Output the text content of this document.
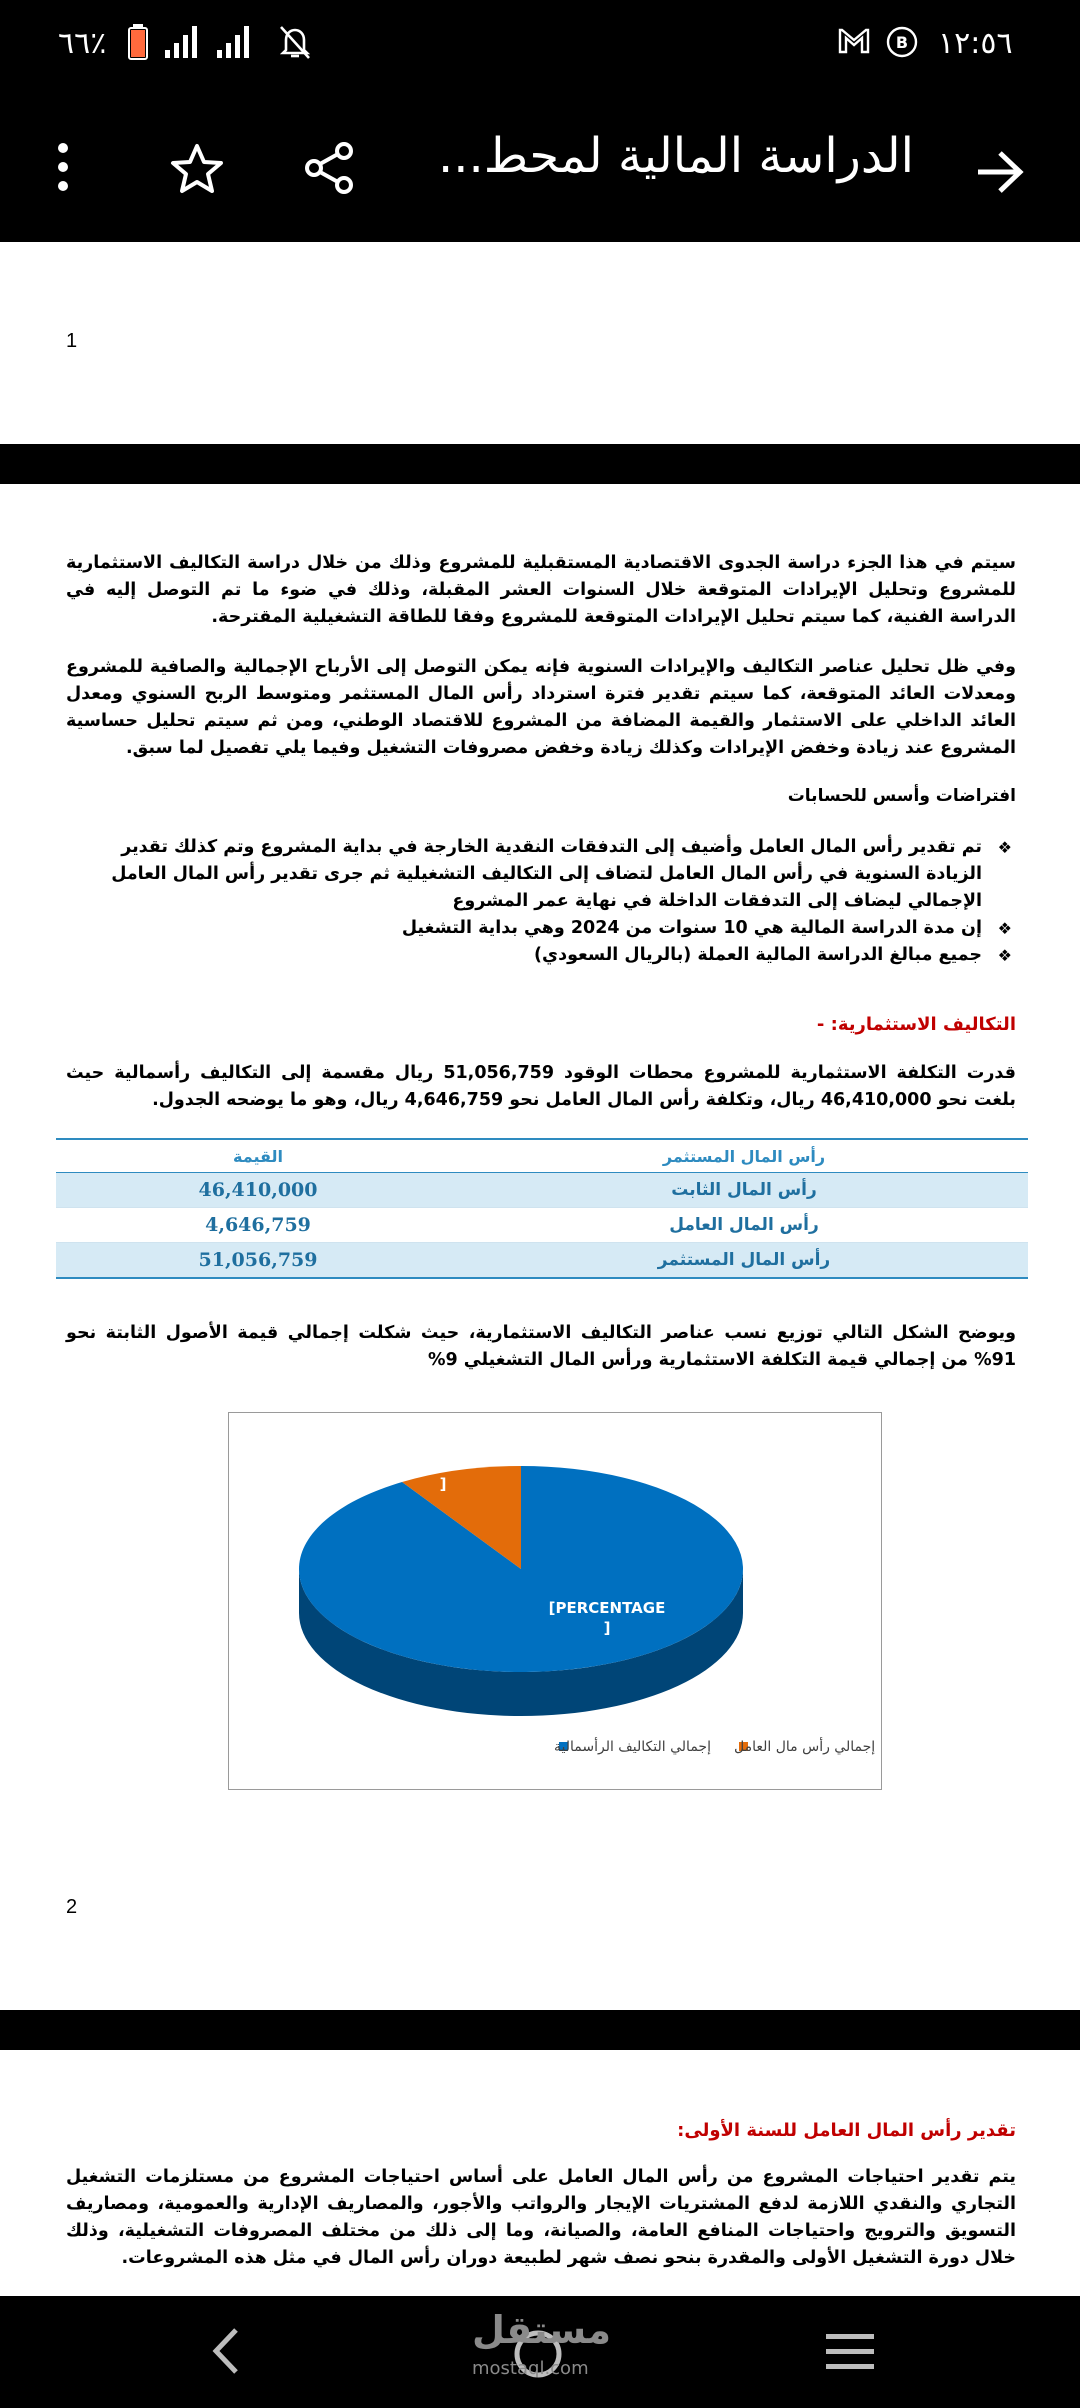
٦٦٪	B ١٢:٥٦
الدراسة المالية لمحط...
1

سيتم في هذا الجزء دراسة الجدوى الاقتصادية المستقبلية للمشروع وذلك من خلال دراسة التكاليف الاستثمارية للمشروع وتحليل الإيرادات المتوقعة خلال السنوات العشر المقبلة، وذلك في ضوء ما تم التوصل إليه في الدراسة الفنية، كما سيتم تحليل الإيرادات المتوقعة للمشروع وفقا للطاقة التشغيلية المقترحة.

وفي ظل تحليل عناصر التكاليف والإيرادات السنوية فإنه يمكن التوصل إلى الأرباح الإجمالية والصافية للمشروع ومعدلات العائد المتوقعة، كما سيتم تقدير فترة استرداد رأس المال المستثمر ومتوسط الربح السنوي ومعدل العائد الداخلي على الاستثمار والقيمة المضافة من المشروع للاقتصاد الوطني، ومن ثم سيتم تحليل حساسية المشروع عند زيادة وخفض الإيرادات وكذلك زيادة وخفض مصروفات التشغيل وفيما يلي تفصيل لما سبق.

افتراضات وأسس للحسابات
❖ تم تقدير رأس المال العامل وأضيف إلى التدفقات النقدية الخارجة في بداية المشروع وتم كذلك تقدير الزيادة السنوية في رأس المال العامل لتضاف إلى التكاليف التشغيلية ثم جرى تقدير رأس المال العامل الإجمالي ليضاف إلى التدفقات الداخلة في نهاية عمر المشروع
❖ إن مدة الدراسة المالية هي 10 سنوات من 2024 وهي بداية التشغيل
❖ جميع مبالغ الدراسة المالية العملة (بالريال السعودي)
التكاليف الاستثمارية: -

قدرت التكلفة الاستثمارية للمشروع محطات الوقود 51,056,759 ريال مقسمة إلى التكاليف رأسمالية حيث بلغت نحو 46,410,000 ريال، وتكلفة رأس المال العامل نحو 4,646,759 ريال، وهو ما يوضحه الجدول.

رأس المال المستثمر
القيمة
رأس المال الثابت
46,410,000
رأس المال العامل
4,646,759
رأس المال المستثمر
51,056,759

ويوضح الشكل التالي توزيع نسب عناصر التكاليف الاستثمارية، حيث شكلت إجمالي قيمة الأصول الثابتة نحو 91% من إجمالي قيمة التكلفة الاستثمارية ورأس المال التشغيلي 9%

[PERCENTAGE
]
TAGE
]
إجمالي رأس مال العامل
إجمالي التكاليف الرأسمالية
2
تقدير رأس المال العامل للسنة الأولى:

يتم تقدير احتياجات المشروع من رأس المال العامل على أساس احتياجات المشروع من مستلزمات التشغيل التجاري والنقدي اللازمة لدفع المشتريات الإيجار والرواتب والأجور، والمصاريف الإدارية والعمومية، ومصاريف التسويق والترويج واحتياجات المنافع العامة، والصيانة، وما إلى ذلك من مختلف المصروفات التشغيلية، وذلك خلال دورة التشغيل الأولى والمقدرة بنحو نصف شهر لطبيعة دوران رأس المال في مثل هذه المشروعات.

مستقل
mostaql.com
